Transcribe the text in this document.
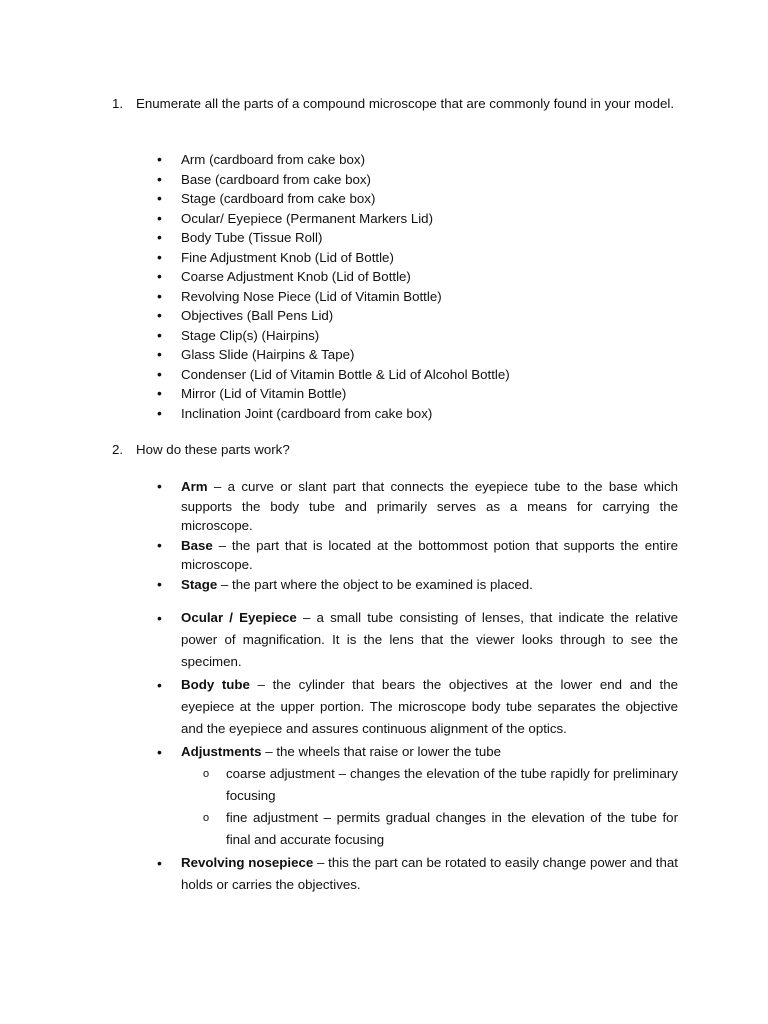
1. Enumerate all the parts of a compound microscope that are commonly found in your model.
• Arm (cardboard from cake box)
• Base (cardboard from cake box)
• Stage (cardboard from cake box)
• Ocular/ Eyepiece (Permanent Markers Lid)
• Body Tube (Tissue Roll)
• Fine Adjustment Knob (Lid of Bottle)
• Coarse Adjustment Knob (Lid of Bottle)
• Revolving Nose Piece (Lid of Vitamin Bottle)
• Objectives (Ball Pens Lid)
• Stage Clip(s) (Hairpins)
• Glass Slide (Hairpins & Tape)
• Condenser (Lid of Vitamin Bottle & Lid of Alcohol Bottle)
• Mirror (Lid of Vitamin Bottle)
• Inclination Joint (cardboard from cake box)
2. How do these parts work?
• Arm – a curve or slant part that connects the eyepiece tube to the base which supports the body tube and primarily serves as a means for carrying the microscope.
• Base – the part that is located at the bottommost potion that supports the entire microscope.
• Stage – the part where the object to be examined is placed.
• Ocular / Eyepiece – a small tube consisting of lenses, that indicate the relative power of magnification. It is the lens that the viewer looks through to see the specimen.
• Body tube – the cylinder that bears the objectives at the lower end and the eyepiece at the upper portion. The microscope body tube separates the objective and the eyepiece and assures continuous alignment of the optics.
• Adjustments – the wheels that raise or lower the tube
o coarse adjustment – changes the elevation of the tube rapidly for preliminary focusing
o fine adjustment – permits gradual changes in the elevation of the tube for final and accurate focusing
• Revolving nosepiece – this the part can be rotated to easily change power and that holds or carries the objectives.
